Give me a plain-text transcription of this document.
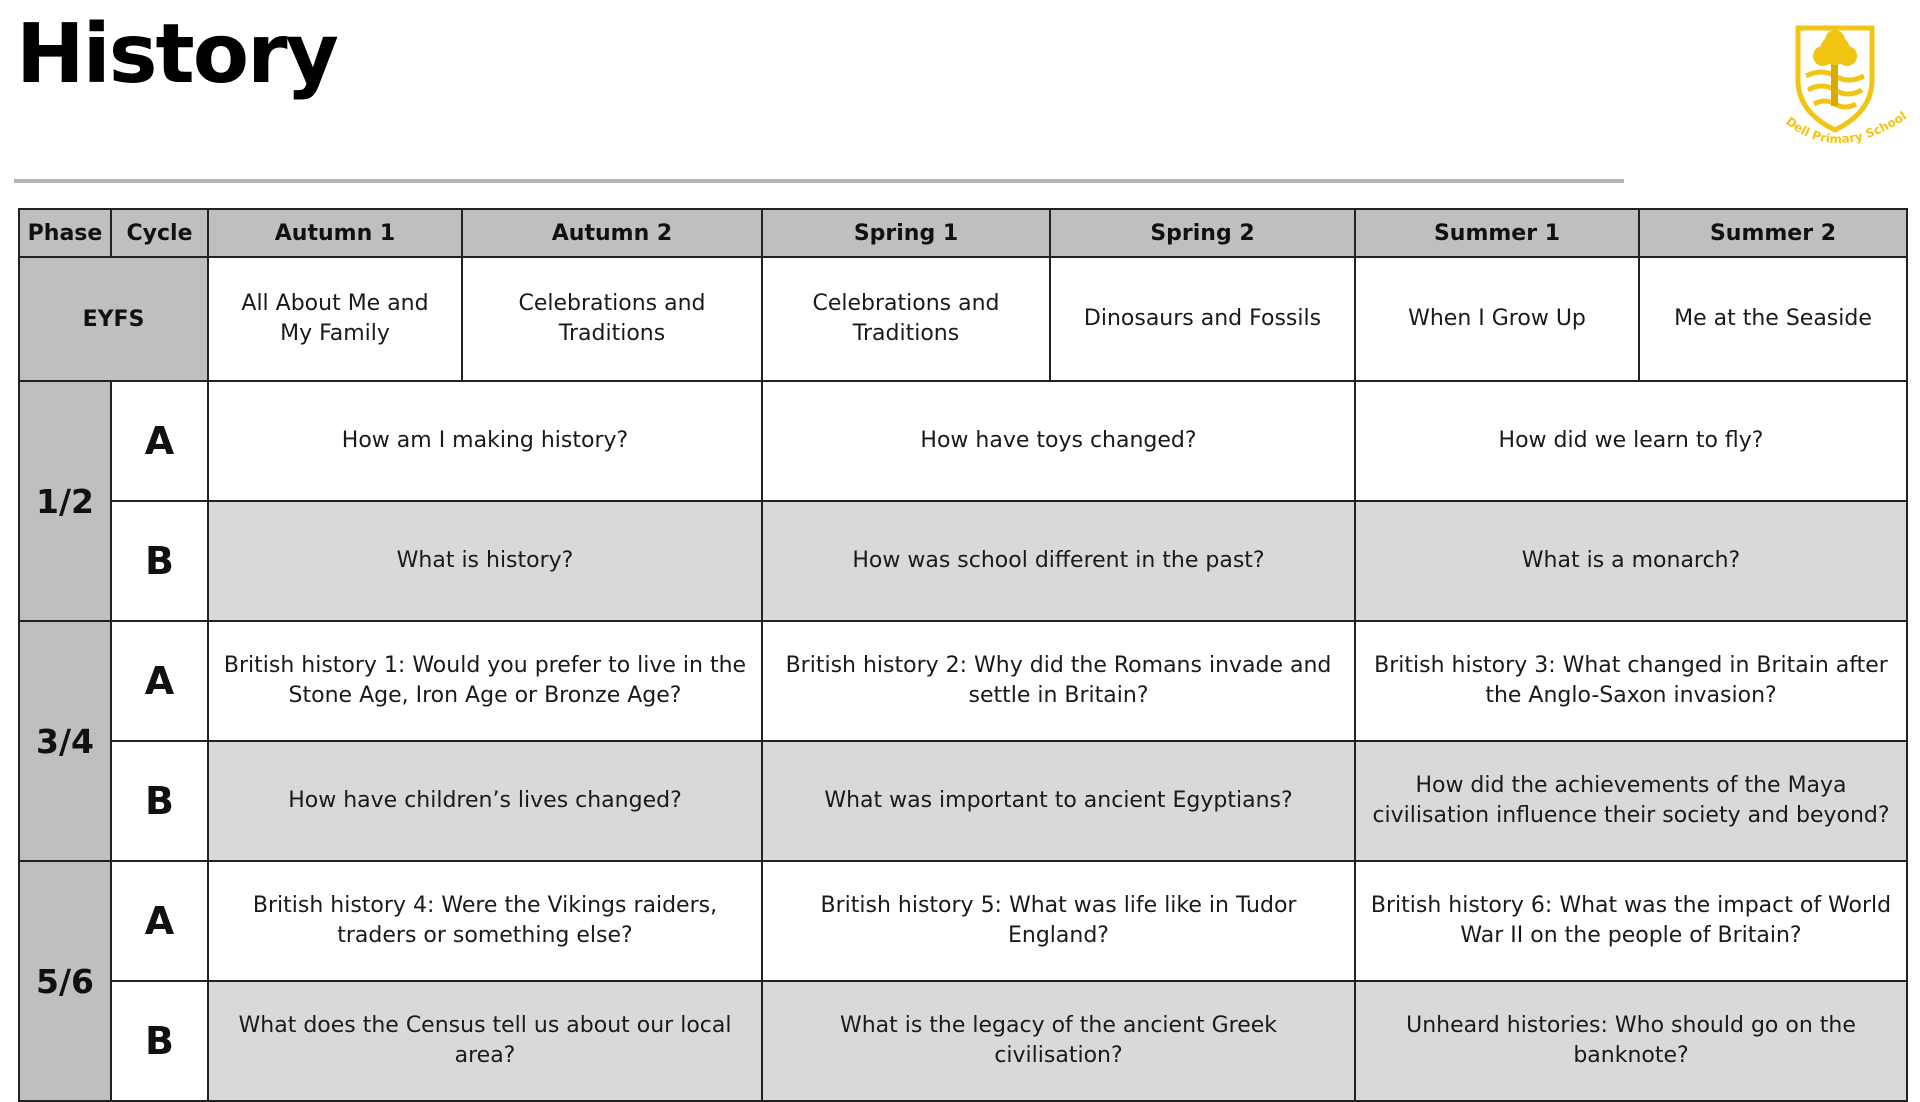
History
Dell Primary School
Phase	Cycle	Autumn 1	Autumn 2	Spring 1	Spring 2	Summer 1	Summer 2
EYFS		All About Me and My Family	Celebrations and Traditions	Celebrations and Traditions	Dinosaurs and Fossils	When I Grow Up	Me at the Seaside
1/2	A	How am I making history?		How have toys changed?		How did we learn to fly?	
	B	What is history?		How was school different in the past?		What is a monarch?	
3/4	A	British history 1: Would you prefer to live in the Stone Age, Iron Age or Bronze Age?		British history 2: Why did the Romans invade and settle in Britain?		British history 3: What changed in Britain after the Anglo-Saxon invasion?	
	B	How have children’s lives changed?		What was important to ancient Egyptians?		How did the achievements of the Maya civilisation influence their society and beyond?	
5/6	A	British history 4: Were the Vikings raiders, traders or something else?		British history 5: What was life like in Tudor England?		British history 6: What was the impact of World War II on the people of Britain?	
	B	What does the Census tell us about our local area?		What is the legacy of the ancient Greek civilisation?		Unheard histories: Who should go on the banknote?	
